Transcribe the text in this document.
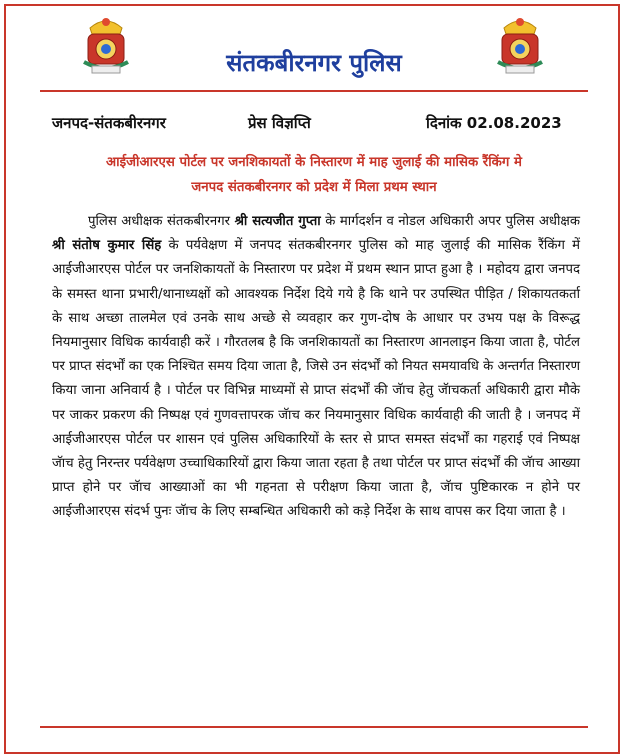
संतकबीरनगर पुलिस
जनपद-संतकबीरनगर	प्रेस विज्ञप्ति	दिनांक 02.08.2023
आईजीआरएस पोर्टल पर जनशिकायतों के निस्तारण में माह जुलाई की मासिक रैंकिंग मे
जनपद संतकबीरनगर को प्रदेश में मिला प्रथम स्थान
पुलिस अधीक्षक संतकबीरनगर श्री सत्यजीत गुप्ता के मार्गदर्शन व नोडल अधिकारी अपर पुलिस अधीक्षक श्री संतोष कुमार सिंह के पर्यवेक्षण में जनपद संतकबीरनगर पुलिस को माह जुलाई की मासिक रैंकिंग में आईजीआरएस पोर्टल पर जनशिकायतों के निस्तारण पर प्रदेश में प्रथम स्थान प्राप्त हुआ है । महोदय द्वारा जनपद के समस्त थाना प्रभारी/थानाध्यक्षों को आवश्यक निर्देश दिये गये है कि थाने पर उपस्थित पीड़ित / शिकायतकर्ता के साथ अच्छा तालमेल एवं उनके साथ अच्छे से व्यवहार कर गुण-दोष के आधार पर उभय पक्ष के विरूद्ध नियमानुसार विधिक कार्यवाही करें । गौरतलब है कि जनशिकायतों का निस्तारण आनलाइन किया जाता है, पोर्टल पर प्राप्त संदर्भों का एक निश्चित समय दिया जाता है, जिसे उन संदर्भों को नियत समयावधि के अन्तर्गत निस्तारण किया जाना अनिवार्य है । पोर्टल पर विभिन्न माध्यमों से प्राप्त संदर्भों की जॅाच हेतु जॅाचकर्ता अधिकारी द्वारा मौके पर जाकर प्रकरण की निष्पक्ष एवं गुणवत्तापरक जॅाच कर नियमानुसार विधिक कार्यवाही की जाती है । जनपद में आईजीआरएस पोर्टल पर शासन एवं पुलिस अधिकारियों के स्तर से प्राप्त समस्त संदर्भों का गहराई एवं निष्पक्ष जॅाच हेतु निरन्तर पर्यवेक्षण उच्चाधिकारियों द्वारा किया जाता रहता है तथा पोर्टल पर प्राप्त संदर्भों की जॅाच आख्या प्राप्त होने पर जॅाच आख्याओं का भी गहनता से परीक्षण किया जाता है, जॅाच पुष्टिकारक न होने पर आईजीआरएस संदर्भ पुनः जॅाच के लिए सम्बन्धित अधिकारी को कड़े निर्देश के साथ वापस कर दिया जाता है ।
